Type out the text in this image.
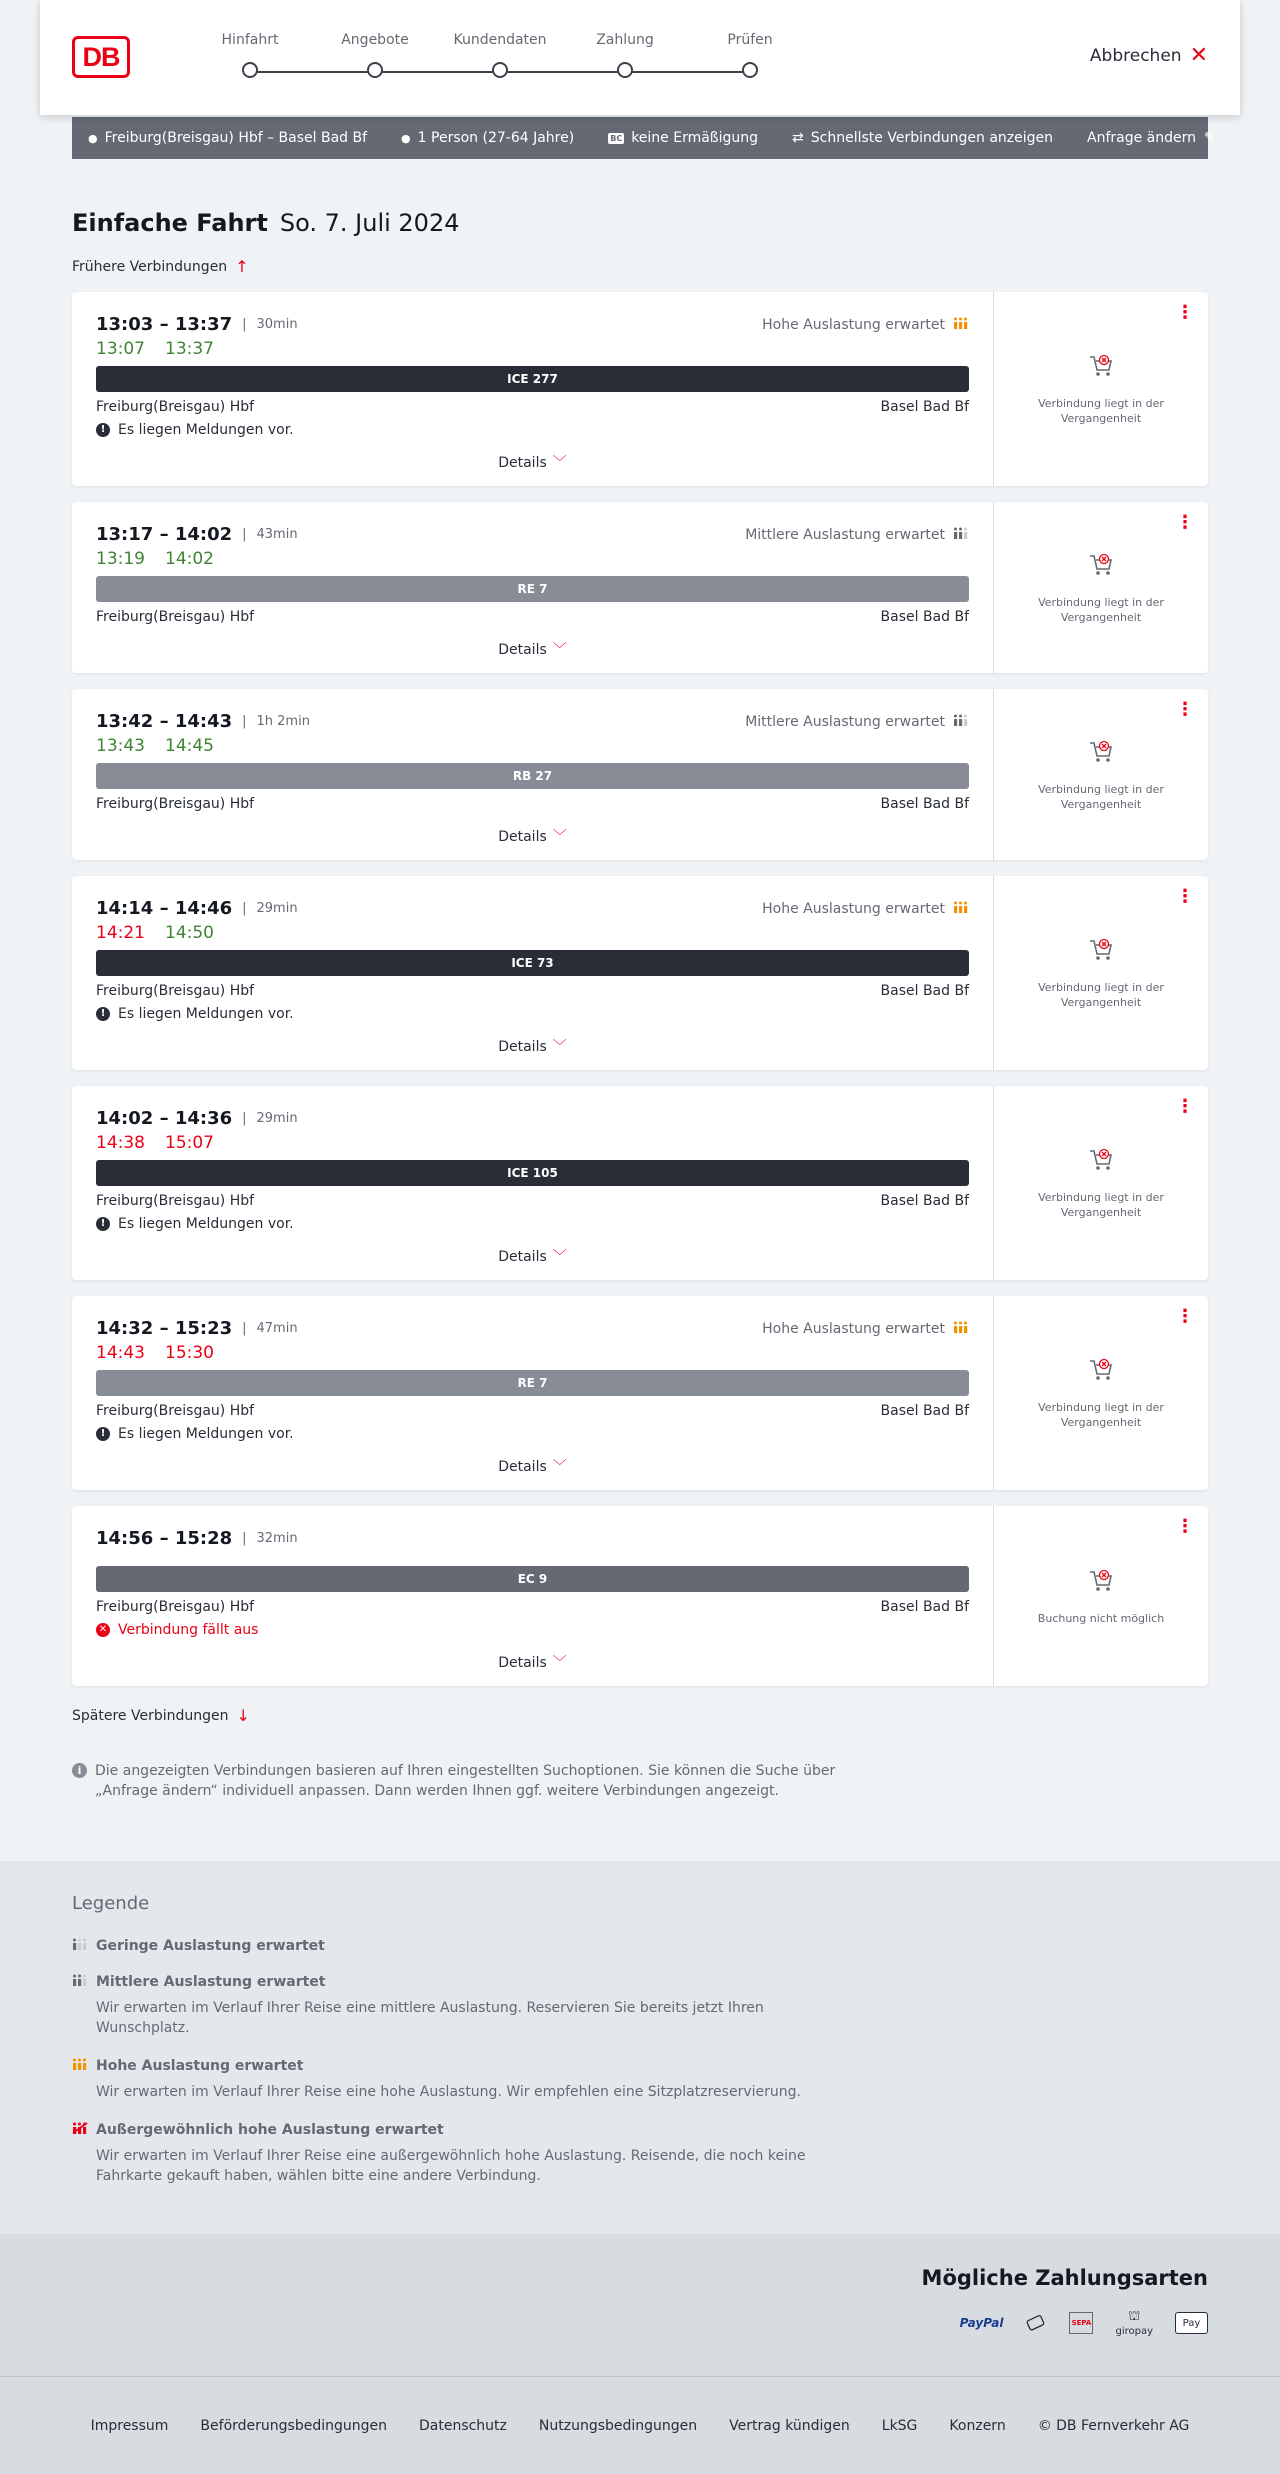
DB
Hinfahrt	Angebote	Kundendaten	Zahlung	Prüfen
Abbrechen ✕
● Freiburg(Breisgau) Hbf – Basel Bad Bf	● 1 Person (27-64 Jahre)	BC keine Ermäßigung ⇄ Schnellste Verbindungen anzeigen Anfrage ändern ✎
Einfache Fahrt So. 7. Juli 2024
Frühere Verbindungen ↑
13:03 – 13:37 | 30min	Hohe Auslastung erwartet
13:07 13:37
ICE 277
Freiburg(Breisgau) Hbf	Basel Bad Bf
! Es liegen Meldungen vor.
Details ﹀
⋮
Verbindung liegt in der Vergangenheit
13:17 – 14:02 | 43min	Mittlere Auslastung erwartet
13:19 14:02
RE 7
Freiburg(Breisgau) Hbf	Basel Bad Bf
Details ﹀
⋮
Verbindung liegt in der Vergangenheit
13:42 – 14:43 | 1h 2min	Mittlere Auslastung erwartet
13:43 14:45
RB 27
Freiburg(Breisgau) Hbf	Basel Bad Bf
Details ﹀
⋮
Verbindung liegt in der Vergangenheit
14:14 – 14:46 | 29min	Hohe Auslastung erwartet
14:21 14:50
ICE 73
Freiburg(Breisgau) Hbf	Basel Bad Bf
! Es liegen Meldungen vor.
Details ﹀
⋮
Verbindung liegt in der Vergangenheit
14:02 – 14:36 | 29min
14:38 15:07
ICE 105
Freiburg(Breisgau) Hbf	Basel Bad Bf
! Es liegen Meldungen vor.
Details ﹀
⋮
Verbindung liegt in der Vergangenheit
14:32 – 15:23 | 47min	Hohe Auslastung erwartet
14:43 15:30
RE 7
Freiburg(Breisgau) Hbf	Basel Bad Bf
! Es liegen Meldungen vor.
Details ﹀
⋮
Verbindung liegt in der Vergangenheit
14:56 – 15:28 | 32min
EC 9
Freiburg(Breisgau) Hbf	Basel Bad Bf
✕ Verbindung fällt aus
Details ﹀
⋮
Buchung nicht möglich
Spätere Verbindungen ↓
i Die angezeigten Verbindungen basieren auf Ihren eingestellten Suchoptionen. Sie können die Suche über „Anfrage ändern“ individuell anpassen. Dann werden Ihnen ggf. weitere Verbindungen angezeigt.
Legende
Geringe Auslastung erwartet
Mittlere Auslastung erwartet
Wir erwarten im Verlauf Ihrer Reise eine mittlere Auslastung. Reservieren Sie bereits jetzt Ihren Wunschplatz.
Hohe Auslastung erwartet
Wir erwarten im Verlauf Ihrer Reise eine hohe Auslastung. Wir empfehlen eine Sitzplatzreservierung.
Außergewöhnlich hohe Auslastung erwartet
Wir erwarten im Verlauf Ihrer Reise eine außergewöhnlich hohe Auslastung. Reisende, die noch keine Fahrkarte gekauft haben, wählen bitte eine andere Verbindung.
Mögliche Zahlungsarten
PayPal	SEPA	⛫
giropay
Pay
Impressum Beförderungsbedingungen Datenschutz Nutzungsbedingungen Vertrag kündigen LkSG Konzern © DB Fernverkehr AG
